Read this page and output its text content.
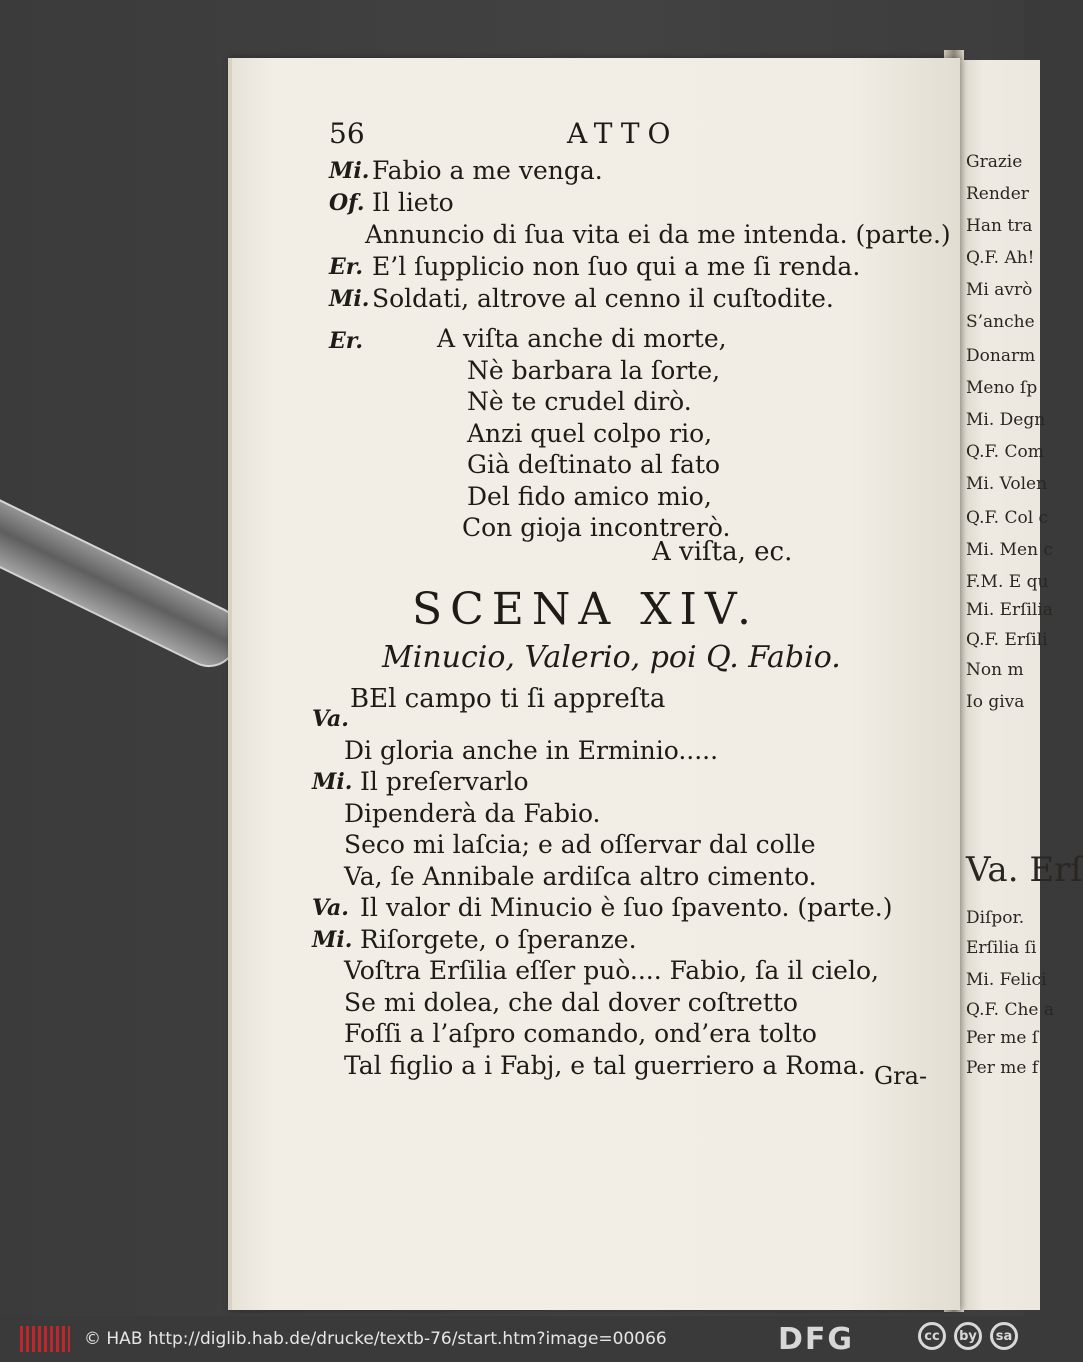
Grazie
Render
Han tra
Q.F. Ah!
Mi avrò
S’anche
Donarm
Meno ſp
Mi. Degn
Q.F. Com
Mi. Volen
Q.F. Col c
Mi. Men c
F.M. E qu
Mi. Erſilia
Q.F. Erſili
Non m
Io giva
Va. Erſ
Diſpor.
Erſilia ſi
Mi. Felici
Q.F. Che a
Per me ſ
Per me f
56	ATTO
Mi. Fabio a me venga.
Of. Il lieto
Annuncio di ſua vita ei da me intenda. (parte.)
Er. E’l ſupplicio non ſuo qui a me ſi renda.
Mi. Soldati, altrove al cenno il cuſtodite.
Er.	A viſta anche di morte,
Nè barbara la ſorte,
Nè te crudel dirò.
Anzi quel colpo rio,
Già deſtinato al fato
Del fido amico mio,
Con gioja incontrerò.
A viſta, ec.
SCENA XIV.
Minucio, Valerio, poi Q. Fabio.
Va.
BEl campo ti ſi appreſta
Di gloria anche in Erminio.....
Mi. Il preſervarlo
Dipenderà da Fabio.
Seco mi laſcia; e ad oſſervar dal colle
Va, ſe Annibale ardiſca altro cimento.
Va. Il valor di Minucio è ſuo ſpavento. (parte.)
Mi. Riſorgete, o ſperanze.
Voſtra Erſilia eſſer può.... Fabio, ſa il cielo,
Se mi dolea, che dal dover coſtretto
Foſſi a l’aſpro comando, ond’era tolto
Tal figlio a i Fabj, e tal guerriero a Roma. Gra-
© HAB http://diglib.hab.de/drucke/textb-76/start.htm?image=00066	DFG	cc	by	sa
